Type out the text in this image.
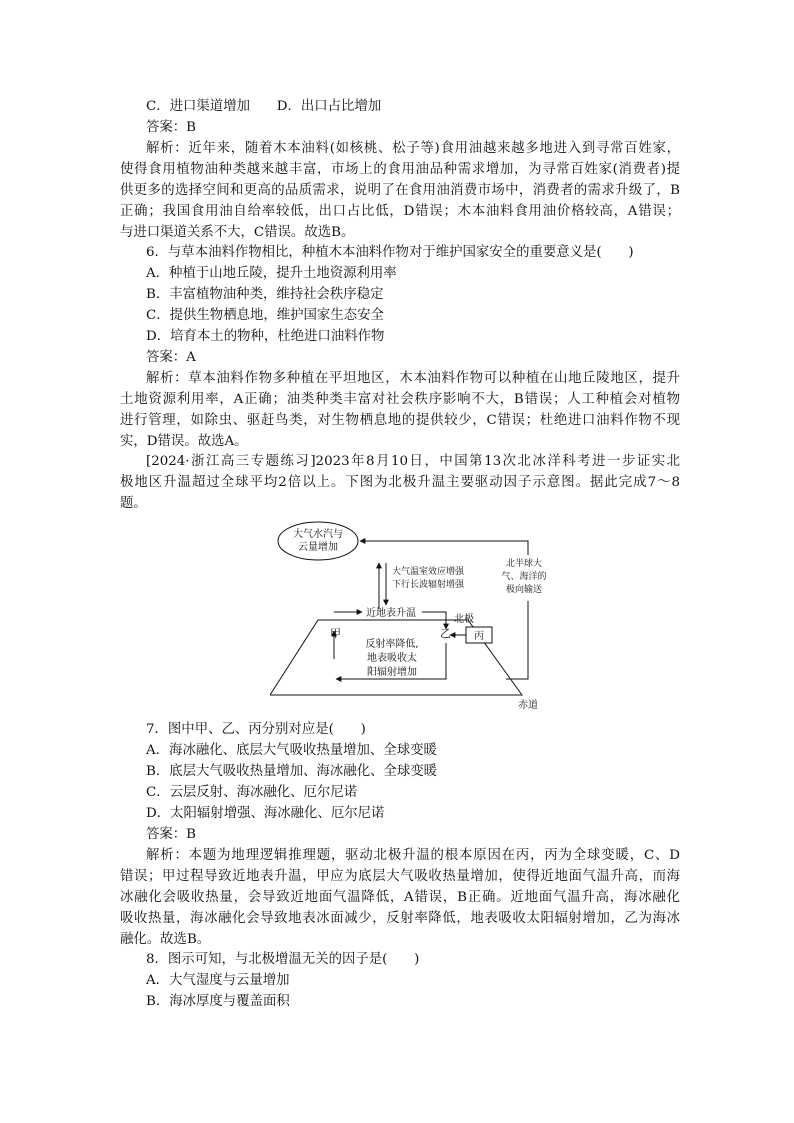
C．进口渠道增加　　D．出口占比增加
答案：B
解析：近年来，随着木本油料(如核桃、松子等)食用油越来越多地进入到寻常百姓家，
使得食用植物油种类越来越丰富，市场上的食用油品种需求增加，为寻常百姓家(消费者)提
供更多的选择空间和更高的品质需求，说明了在食用油消费市场中，消费者的需求升级了，B
正确；我国食用油自给率较低，出口占比低，D错误；木本油料食用油价格较高，A错误；
与进口渠道关系不大，C错误。故选B。
6．与草本油料作物相比，种植木本油料作物对于维护国家安全的重要意义是(　　)
A．种植于山地丘陵，提升土地资源利用率
B．丰富植物油种类，维持社会秩序稳定
C．提供生物栖息地，维护国家生态安全
D．培育本土的物种，杜绝进口油料作物
答案：A
解析：草本油料作物多种植在平坦地区，木本油料作物可以种植在山地丘陵地区，提升
土地资源利用率，A正确；油类种类丰富对社会秩序影响不大，B错误；人工种植会对植物
进行管理，如除虫、驱赶鸟类，对生物栖息地的提供较少，C错误；杜绝进口油料作物不现
实，D错误。故选A。
[2024·浙江高三专题练习]2023年8月10日，中国第13次北冰洋科考进一步证实北
极地区升温超过全球平均2倍以上。下图为北极升温主要驱动因子示意图。据此完成7～8
题。
大气水汽与
云量增加
北半球大
气、海洋的
极向输送
大气温室效应增强
下行长波辐射增强
近地表升温
北极
丙
甲	乙
反射率降低,
地表吸收太
阳辐射增加
赤道
7．图中甲、乙、丙分别对应是(　　)
A．海冰融化、底层大气吸收热量增加、全球变暖
B．底层大气吸收热量增加、海冰融化、全球变暖
C．云层反射、海冰融化、厄尔尼诺
D．太阳辐射增强、海冰融化、厄尔尼诺
答案：B
解析：本题为地理逻辑推理题，驱动北极升温的根本原因在丙，丙为全球变暖，C、D
错误；甲过程导致近地表升温，甲应为底层大气吸收热量增加，使得近地面气温升高，而海
冰融化会吸收热量，会导致近地面气温降低，A错误，B正确。近地面气温升高，海冰融化
吸收热量，海冰融化会导致地表冰面减少，反射率降低，地表吸收太阳辐射增加，乙为海冰
融化。故选B。
8．图示可知，与北极增温无关的因子是(　　)
A．大气湿度与云量增加
B．海冰厚度与覆盖面积
